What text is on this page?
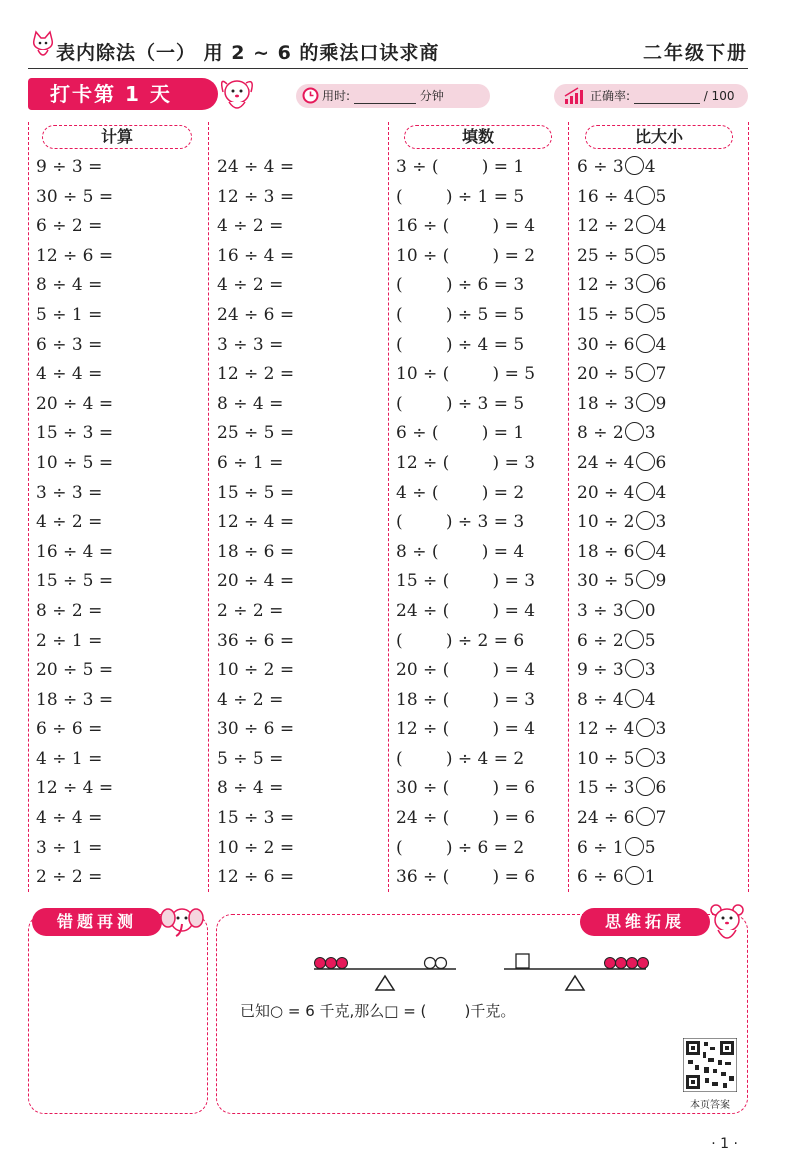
表内除法（一） 用 2 ~ 6 的乘法口诀求商	二年级下册
打卡第 1 天	用时:	分钟	正确率:	/ 100
计算	填数	比大小
9 ÷ 3 =
30 ÷ 5 =
6 ÷ 2 =
12 ÷ 6 =
8 ÷ 4 =
5 ÷ 1 =
6 ÷ 3 =
4 ÷ 4 =
20 ÷ 4 =
15 ÷ 3 =
10 ÷ 5 =
3 ÷ 3 =
4 ÷ 2 =
16 ÷ 4 =
15 ÷ 5 =
8 ÷ 2 =
2 ÷ 1 =
20 ÷ 5 =
18 ÷ 3 =
6 ÷ 6 =
4 ÷ 1 =
12 ÷ 4 =
4 ÷ 4 =
3 ÷ 1 =
2 ÷ 2 =
24 ÷ 4 =
12 ÷ 3 =
4 ÷ 2 =
16 ÷ 4 =
4 ÷ 2 =
24 ÷ 6 =
3 ÷ 3 =
12 ÷ 2 =
8 ÷ 4 =
25 ÷ 5 =
6 ÷ 1 =
15 ÷ 5 =
12 ÷ 4 =
18 ÷ 6 =
20 ÷ 4 =
2 ÷ 2 =
36 ÷ 6 =
10 ÷ 2 =
4 ÷ 2 =
30 ÷ 6 =
5 ÷ 5 =
8 ÷ 4 =
15 ÷ 3 =
10 ÷ 2 =
12 ÷ 6 =
3 ÷ (        ) = 1
(        ) ÷ 1 = 5
16 ÷ (        ) = 4
10 ÷ (        ) = 2
(        ) ÷ 6 = 3
(        ) ÷ 5 = 5
(        ) ÷ 4 = 5
10 ÷ (        ) = 5
(        ) ÷ 3 = 5
6 ÷ (        ) = 1
12 ÷ (        ) = 3
4 ÷ (        ) = 2
(        ) ÷ 3 = 3
8 ÷ (        ) = 4
15 ÷ (        ) = 3
24 ÷ (        ) = 4
(        ) ÷ 2 = 6
20 ÷ (        ) = 4
18 ÷ (        ) = 3
12 ÷ (        ) = 4
(        ) ÷ 4 = 2
30 ÷ (        ) = 6
24 ÷ (        ) = 6
(        ) ÷ 6 = 2
36 ÷ (        ) = 6
6 ÷ 3 4
16 ÷ 4 5
12 ÷ 2 4
25 ÷ 5 5
12 ÷ 3 6
15 ÷ 5 5
30 ÷ 6 4
20 ÷ 5 7
18 ÷ 3 9
8 ÷ 2 3
24 ÷ 4 6
20 ÷ 4 4
10 ÷ 2 3
18 ÷ 6 4
30 ÷ 5 9
3 ÷ 3 0
6 ÷ 2 5
9 ÷ 3 3
8 ÷ 4 4
12 ÷ 4 3
10 ÷ 5 3
15 ÷ 3 6
24 ÷ 6 7
6 ÷ 1 5
6 ÷ 6 1
错题再测	思维拓展
已知○ = 6 千克,那么□ = (        )千克。
本页答案
· 1 ·
